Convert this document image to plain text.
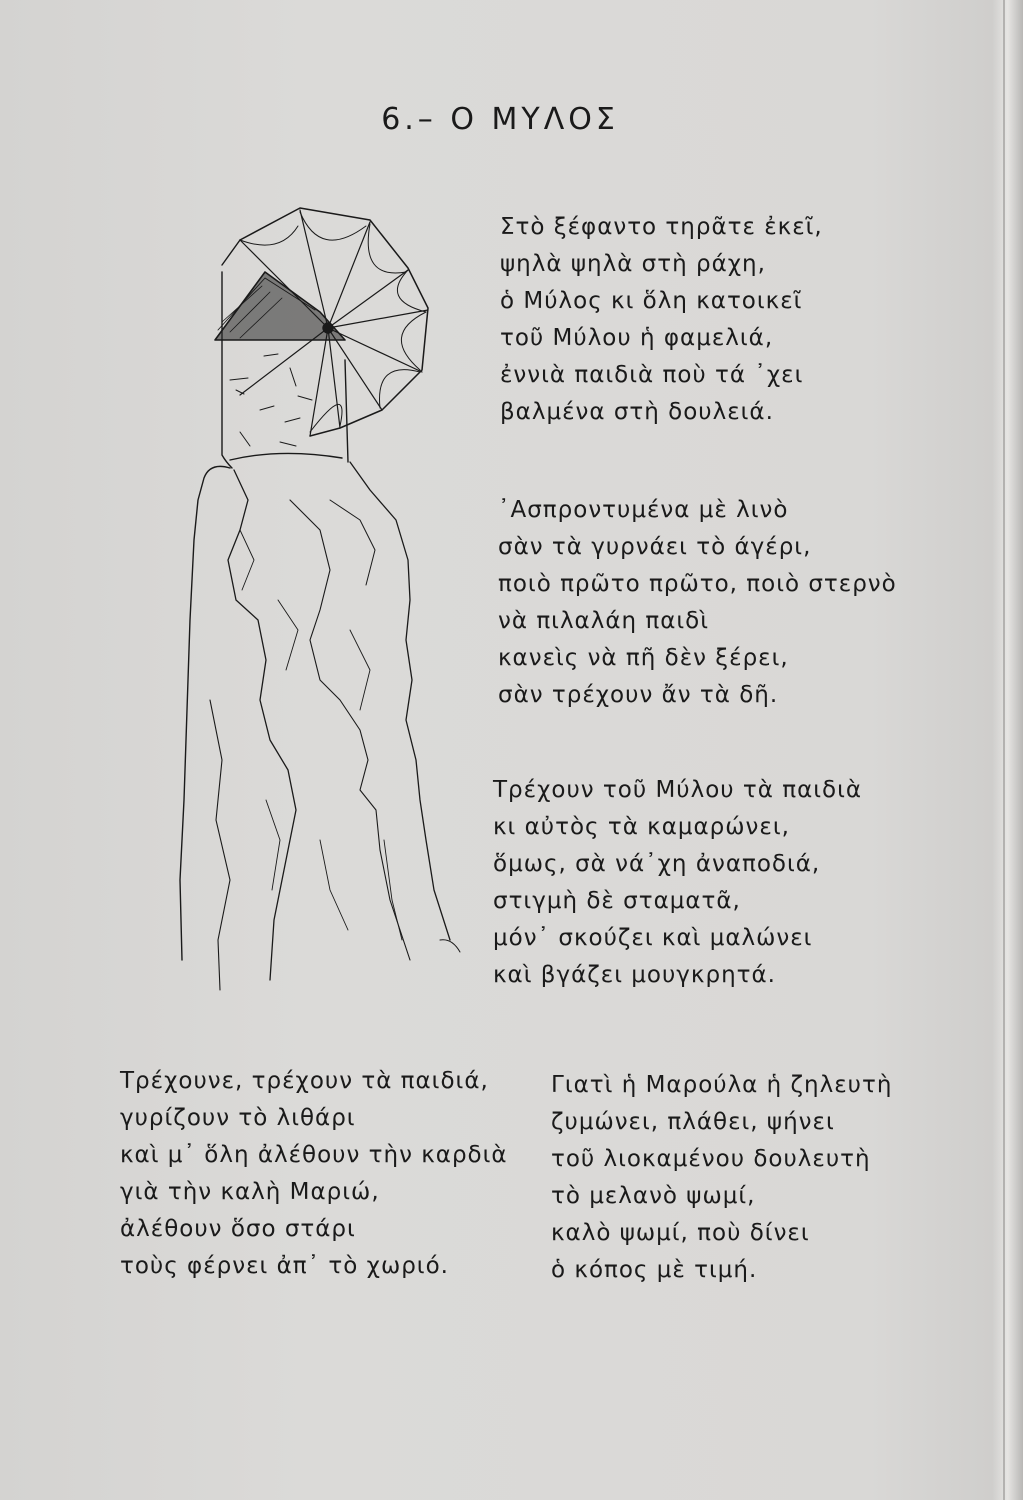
6.– Ο ΜΥΛΟΣ
Στὸ ξέφαντο τηρᾶτε ἐκεῖ,
ψηλὰ ψηλὰ στὴ ράχη,
ὁ Μύλος κι ὅλη κατοικεῖ
τοῦ Μύλου ἡ φαμελιά,
ἐννιὰ παιδιὰ ποὺ τά ᾽χει
βαλμένα στὴ δουλειά.
᾽Ασπροντυμένα μὲ λινὸ
σὰν τὰ γυρνάει τὸ άγέρι,
ποιὸ πρῶτο πρῶτο, ποιὸ στερνὸ
νὰ πιλαλάη παιδὶ
κανεὶς νὰ πῆ δὲν ξέρει,
σὰν τρέχουν ἄν τὰ δῆ.
Τρέχουν τοῦ Μύλου τὰ παιδιὰ
κι αὐτὸς τὰ καμαρώνει,
ὅμως, σὰ νά᾽χη ἀναποδιά,
στιγμὴ δὲ σταματᾶ,
μόν᾽ σκούζει καὶ μαλώνει
καὶ βγάζει μουγκρητά.
Τρέχουνε, τρέχουν τὰ παιδιά,
γυρίζουν τὸ λιθάρι
καὶ μ᾽ ὅλη ἀλέθουν τὴν καρδιὰ
γιὰ τὴν καλὴ Μαριώ,
ἀλέθουν ὅσο στάρι
τοὺς φέρνει ἀπ᾽ τὸ χωριό.
Γιατὶ ἡ Μαρούλα ἡ ζηλευτὴ
ζυμώνει, πλάθει, ψήνει
τοῦ λιοκαμένου δουλευτὴ
τὸ μελανὸ ψωμί,
καλὸ ψωμί, ποὺ δίνει
ὁ κόπος μὲ τιμή.
